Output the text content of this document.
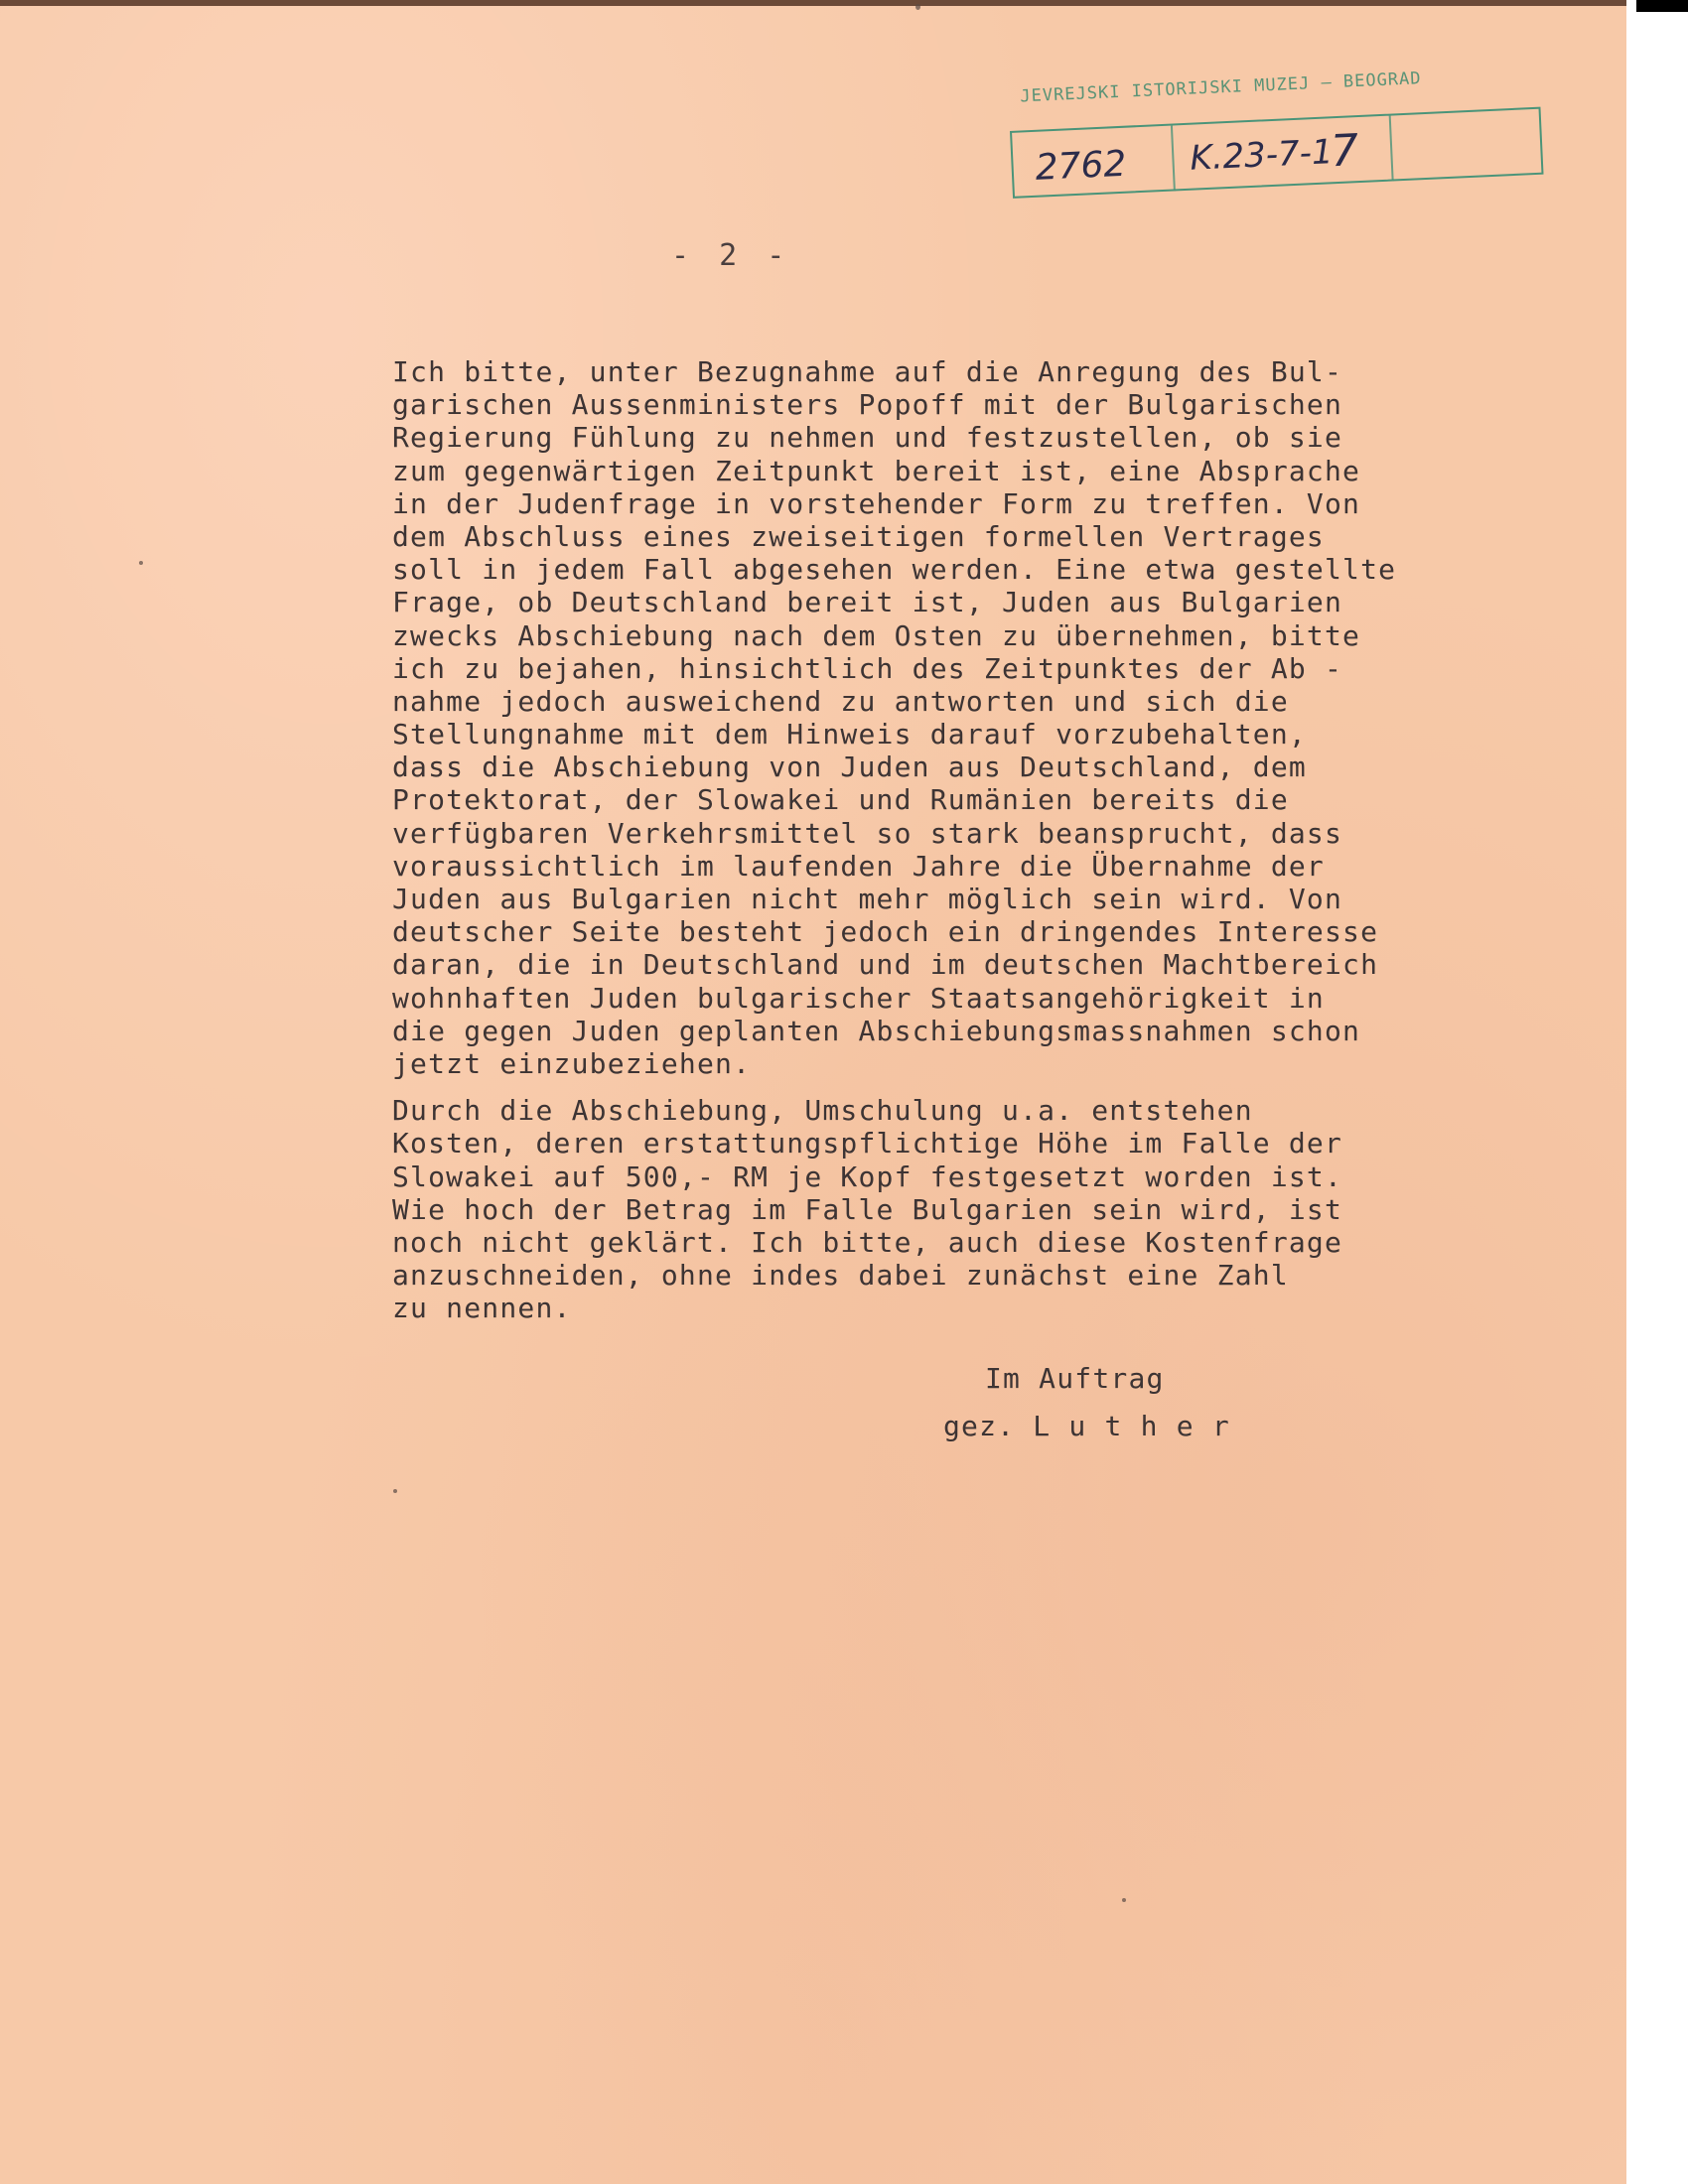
JEVREJSKI ISTORIJSKI MUZEJ — BEOGRAD
2762 K.23-7-1
7
- 2 -
Ich bitte, unter Bezugnahme auf die Anregung des Bul-
garischen Aussenministers Popoff mit der Bulgarischen
Regierung Fühlung zu nehmen und festzustellen, ob sie
zum gegenwärtigen Zeitpunkt bereit ist, eine Absprache
in der Judenfrage in vorstehender Form zu treffen. Von
dem Abschluss eines zweiseitigen formellen Vertrages
soll in jedem Fall abgesehen werden. Eine etwa gestellte
Frage, ob Deutschland bereit ist, Juden aus Bulgarien
zwecks Abschiebung nach dem Osten zu übernehmen, bitte
ich zu bejahen, hinsichtlich des Zeitpunktes der Ab -
nahme jedoch ausweichend zu antworten und sich die
Stellungnahme mit dem Hinweis darauf vorzubehalten,
dass die Abschiebung von Juden aus Deutschland, dem
Protektorat, der Slowakei und Rumänien bereits die
verfügbaren Verkehrsmittel so stark beansprucht, dass
voraussichtlich im laufenden Jahre die Übernahme der
Juden aus Bulgarien nicht mehr möglich sein wird. Von
deutscher Seite besteht jedoch ein dringendes Interesse
daran, die in Deutschland und im deutschen Machtbereich
wohnhaften Juden bulgarischer Staatsangehörigkeit in
die gegen Juden geplanten Abschiebungsmassnahmen schon
jetzt einzubeziehen.
Durch die Abschiebung, Umschulung u.a. entstehen
Kosten, deren erstattungspflichtige Höhe im Falle der
Slowakei auf 500,- RM je Kopf festgesetzt worden ist.
Wie hoch der Betrag im Falle Bulgarien sein wird, ist
noch nicht geklärt. Ich bitte, auch diese Kostenfrage
anzuschneiden, ohne indes dabei zunächst eine Zahl
zu nennen.
Im Auftrag
gez. L u t h e r
